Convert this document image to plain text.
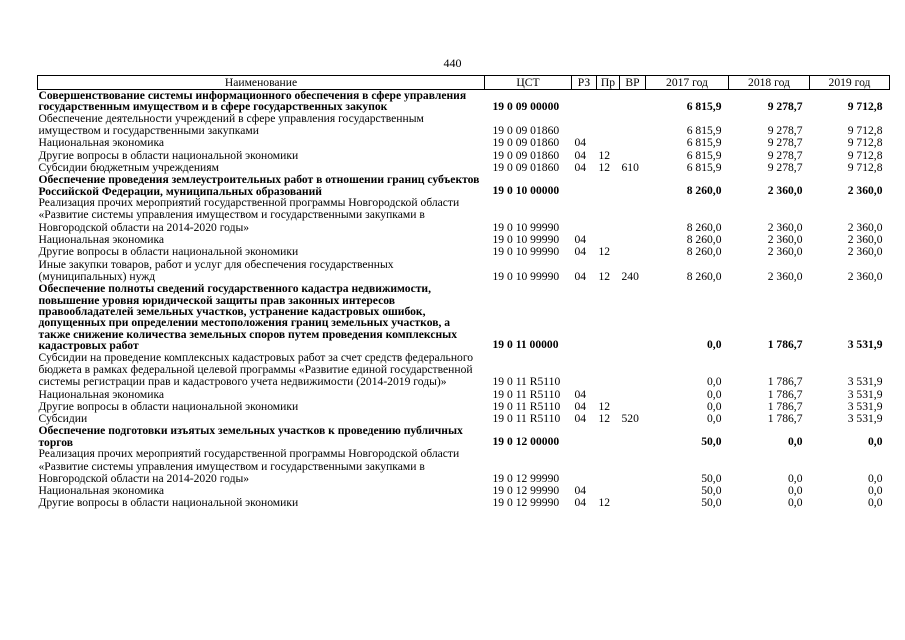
440
Наименование	ЦСТ	РЗ	Пр	ВР	2017 год	2018 год	2019 год
Совершенствование системы информационного обеспечения в сфере управления государственным имуществом и в сфере государственных закупок	19 0 09 00000				6 815,9	9 278,7	9 712,8
Обеспечение деятельности учреждений в сфере управления государственным имуществом и государственными закупками	19 0 09 01860				6 815,9	9 278,7	9 712,8
Национальная экономика	19 0 09 01860	04			6 815,9	9 278,7	9 712,8
Другие вопросы в области национальной экономики	19 0 09 01860	04	12		6 815,9	9 278,7	9 712,8
Субсидии бюджетным учреждениям	19 0 09 01860	04	12	610	6 815,9	9 278,7	9 712,8
Обеспечение проведения землеустроительных работ в отношении границ субъектов Российской Федерации, муниципальных образований	19 0 10 00000				8 260,0	2 360,0	2 360,0
Реализация прочих мероприятий государственной программы Новгородской области «Развитие системы управления имуществом и государственными закупками в Новгородской области на 2014-2020 годы»	19 0 10 99990				8 260,0	2 360,0	2 360,0
Национальная экономика	19 0 10 99990	04			8 260,0	2 360,0	2 360,0
Другие вопросы в области национальной экономики	19 0 10 99990	04	12		8 260,0	2 360,0	2 360,0
Иные закупки товаров, работ и услуг для обеспечения государственных (муниципальных) нужд	19 0 10 99990	04	12	240	8 260,0	2 360,0	2 360,0
Обеспечение полноты сведений государственного кадастра недвижимости, повышение уровня юридической защиты прав законных интересов правообладателей земельных участков, устранение кадастровых ошибок, допущенных при определении местоположения границ земельных участков, а также снижение количества земельных споров путем проведения комплексных кадастровых работ	19 0 11 00000				0,0	1 786,7	3 531,9
Субсидии на проведение комплексных кадастровых работ за счет средств федерального бюджета в рамках федеральной целевой программы «Развитие единой государственной системы регистрации прав и кадастрового учета недвижимости (2014-2019 годы)»	19 0 11 R5110				0,0	1 786,7	3 531,9
Национальная экономика	19 0 11 R5110	04			0,0	1 786,7	3 531,9
Другие вопросы в области национальной экономики	19 0 11 R5110	04	12		0,0	1 786,7	3 531,9
Субсидии	19 0 11 R5110	04	12	520	0,0	1 786,7	3 531,9
Обеспечение подготовки изъятых земельных участков к проведению публичных торгов	19 0 12 00000				50,0	0,0	0,0
Реализация прочих мероприятий государственной программы Новгородской области «Развитие системы управления имуществом и государственными закупками в Новгородской области на 2014-2020 годы»	19 0 12 99990				50,0	0,0	0,0
Национальная экономика	19 0 12 99990	04			50,0	0,0	0,0
Другие вопросы в области национальной экономики	19 0 12 99990	04	12		50,0	0,0	0,0
